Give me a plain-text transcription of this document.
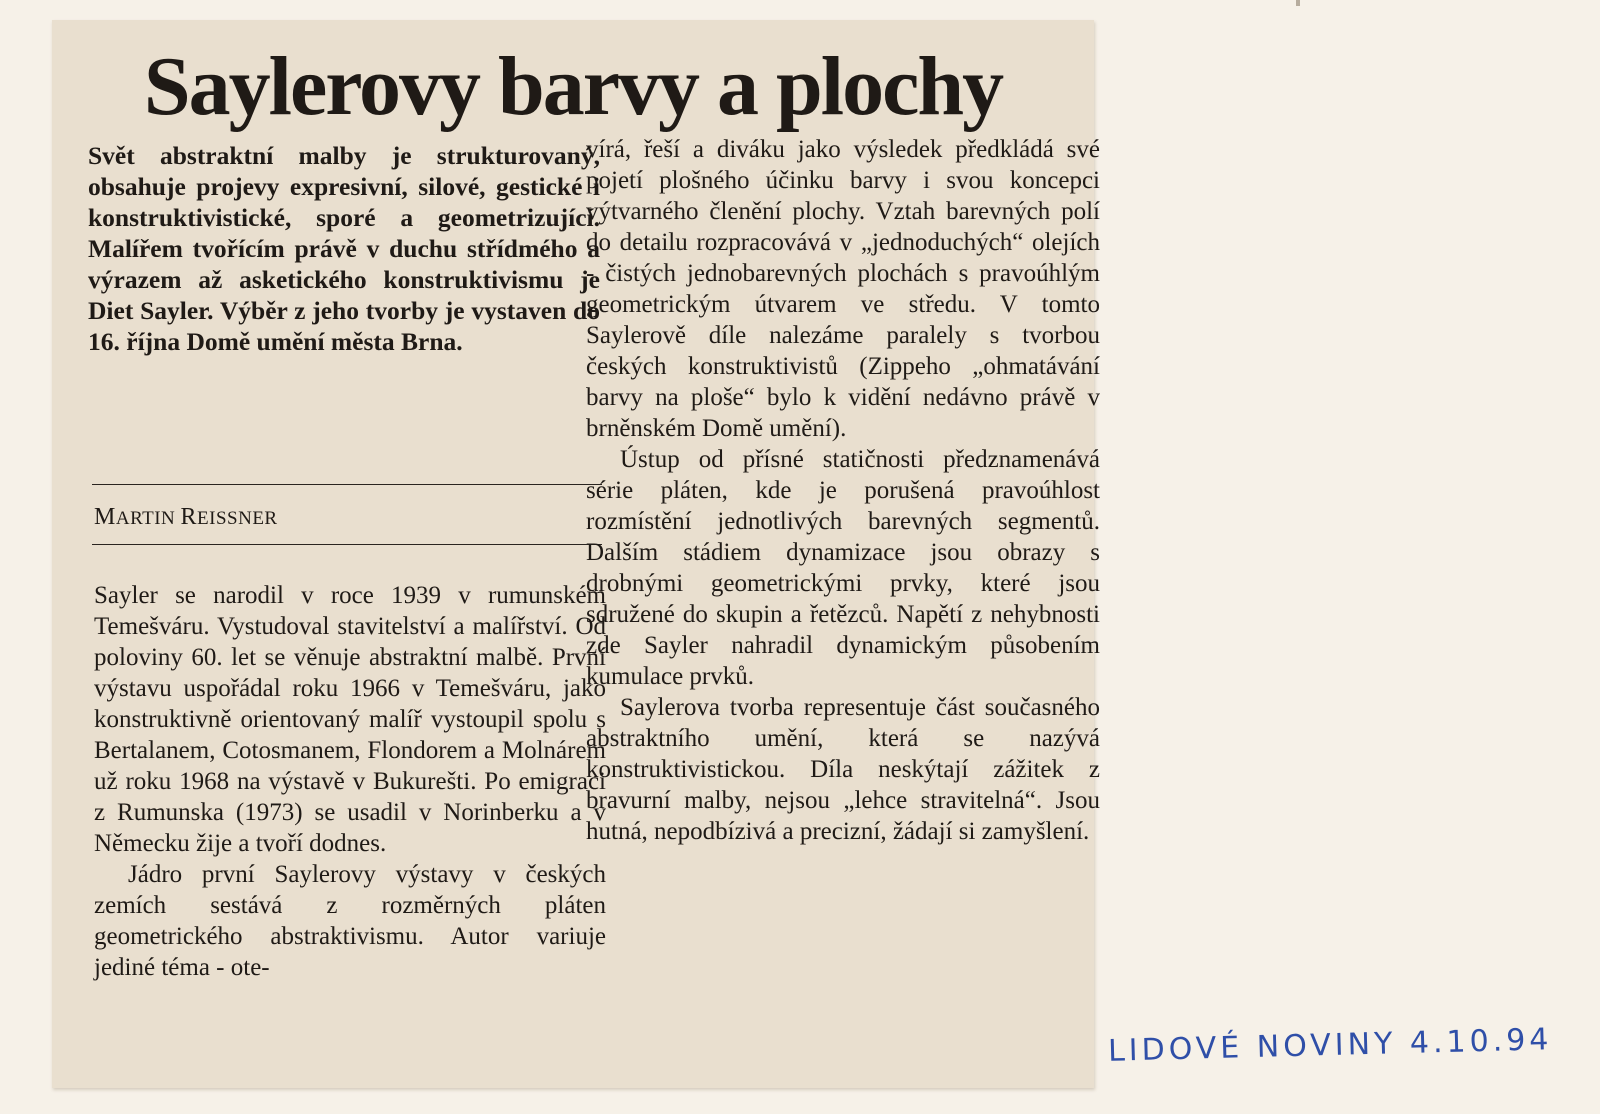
Saylerovy barvy a plochy

Svět abstraktní malby je strukturovaný, obsahuje projevy expresivní, silové, gestické i konstruktivistické, sporé a geometrizující. Malířem tvořícím právě v duchu střídmého a výrazem až asketického konstruktivismu je Diet Sayler. Výběr z jeho tvorby je vystaven do 16. října Domě umění města Brna.

MARTIN REISSNER

Sayler se narodil v roce 1939 v rumunském Temešváru. Vystudoval stavitelství a malířství. Od poloviny 60. let se věnuje abstraktní malbě. První výstavu uspořádal roku 1966 v Temešváru, jako konstruktivně orientovaný malíř vystoupil spolu s Bertalanem, Cotosmanem, Flondorem a Molnárem už roku 1968 na výstavě v Bukurešti. Po emigraci z Rumunska (1973) se usadil v Norinberku a v Německu žije a tvoří dodnes.

Jádro první Saylerovy výstavy v českých zemích sestává z rozměrných pláten geometrického abstraktivismu. Autor variuje jediné téma - ote-

vírá, řeší a diváku jako výsledek předkládá své pojetí plošného účinku barvy i svou koncepci výtvarného členění plochy. Vztah barevných polí do detailu rozpracovává v „jednoduchých“ olejích - čistých jednobarevných plochách s pravoúhlým geometrickým útvarem ve středu. V tomto Saylerově díle nalezáme paralely s tvorbou českých konstruktivistů (Zippeho „ohmatávání barvy na ploše“ bylo k vidění nedávno právě v brněnském Domě umění).

Ústup od přísné statičnosti předznamenává série pláten, kde je porušená pravoúhlost rozmístění jednotlivých barevných segmentů. Dalším stádiem dynamizace jsou obrazy s drobnými geometrickými prvky, které jsou sdružené do skupin a řetězců. Napětí z nehybnosti zde Sayler nahradil dynamickým působením kumulace prvků.

Saylerova tvorba representuje část současného abstraktního umění, která se nazývá konstruktivistickou. Díla neskýtají zážitek z bravurní malby, nejsou „lehce stravitelná“. Jsou hutná, nepodbízivá a precizní, žádají si zamyšlení.

LIDOVÉ NOVINY 4.10.94
